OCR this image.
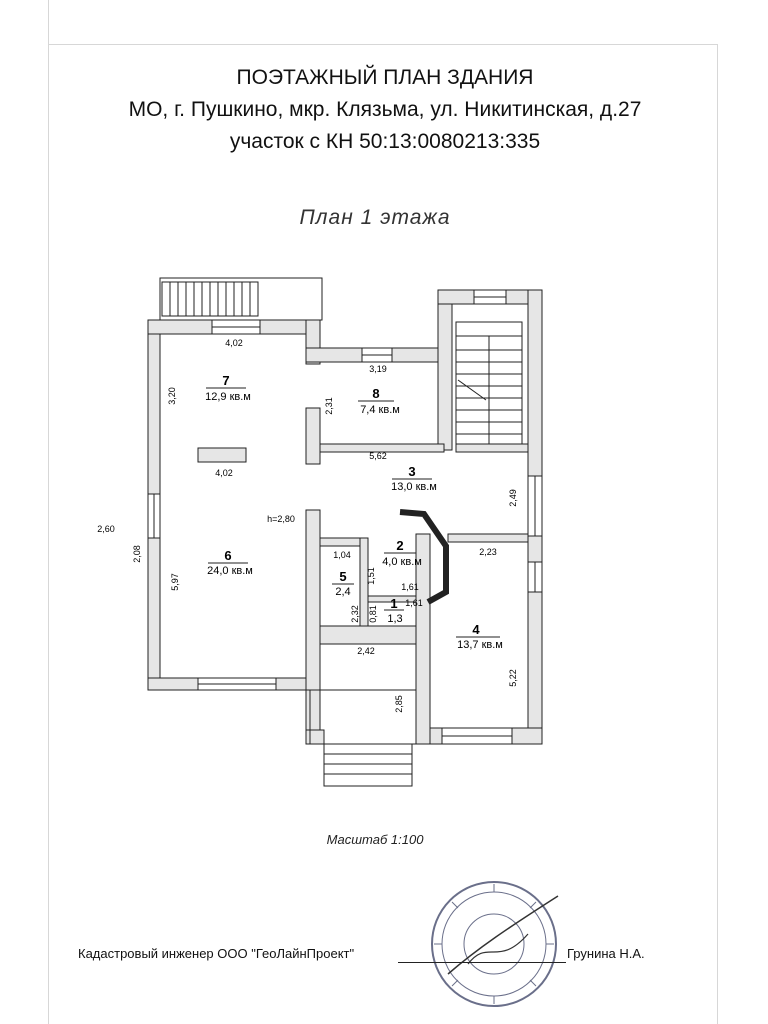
ПОЭТАЖНЫЙ ПЛАН ЗДАНИЯ
МО, г. Пушкино, мкр. Клязьма, ул. Никитинская, д.27
участок с КН 50:13:0080213:335
План 1 этажа
7
12,9 кв.м	8
7,4 кв.м
3
13,0 кв.м
6
24,0 кв.м
2
4,0 кв.м
5
2,4
1
1,3
4
13,7 кв.м
4,02
3,19
5,62
4,02
2,60
h=2,80
1,04	2,23
1,61
1,61
2,42
3,20
2,31
2,49
2,08
5,97	1,51
2,32 0,81
5,22
2,85
Масштаб 1:100
Кадастровый инженер ООО "ГеоЛайнПроект"	Грунина Н.А.
